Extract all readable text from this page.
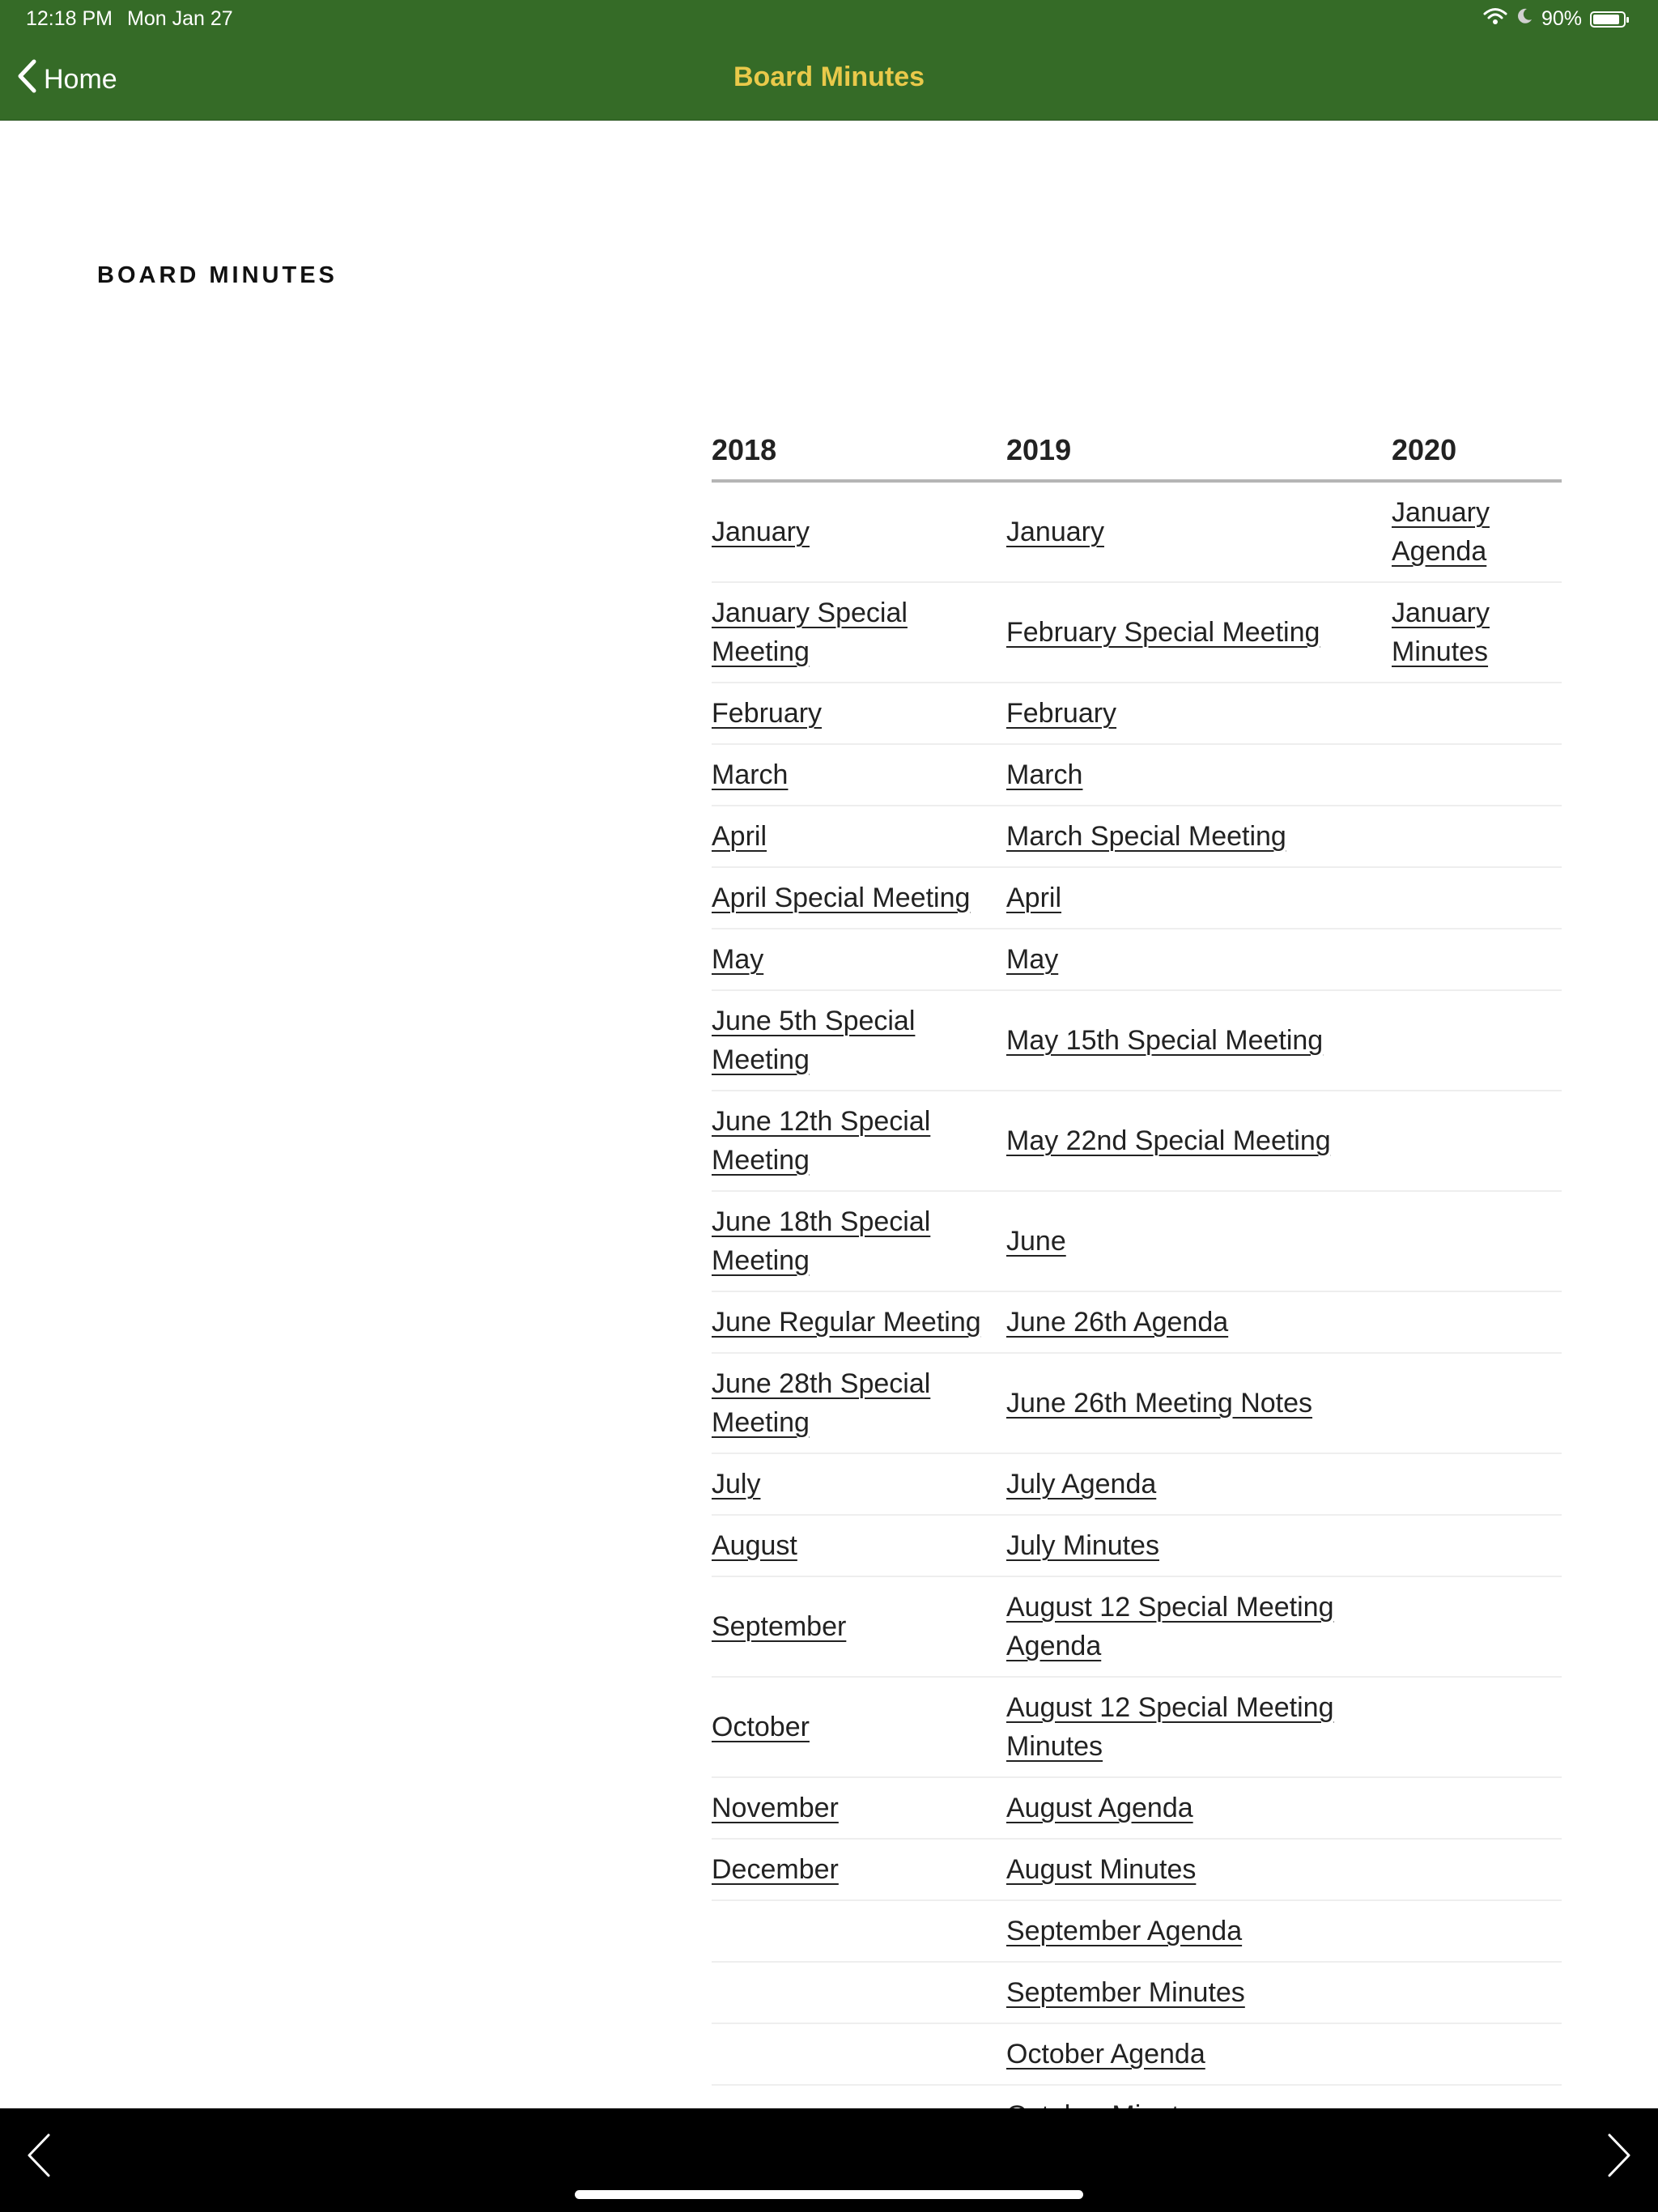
12:18 PM Mon Jan 27	90%
Home	Board Minutes
BOARD MINUTES
2018	2019	2020
January	January	January Agenda
January Special Meeting	February Special Meeting	January Minutes
February	February	
March	March	
April	March Special Meeting	
April Special Meeting	April	
May	May	
June 5th Special Meeting	May 15th Special Meeting	
June 12th Special Meeting	May 22nd Special Meeting	
June 18th Special Meeting	June	
June Regular Meeting	June 26th Agenda	
June 28th Special Meeting	June 26th Meeting Notes	
July	July Agenda	
August	July Minutes	
September	August 12 Special Meeting Agenda	
October	August 12 Special Meeting Minutes	
November	August Agenda	
December	August Minutes	
	September Agenda	
	September Minutes	
	October Agenda	
